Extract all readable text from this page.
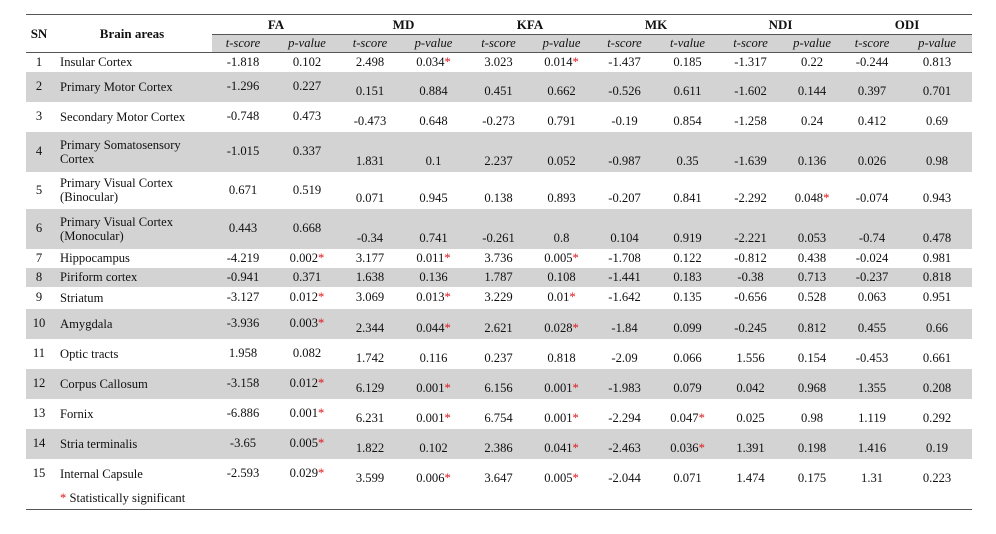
SN	Brain areas	FA		MD		KFA		MK		NDI		ODI	
		t-score	p-value	t-score	p-value	t-score	p-value	t-score	t-value	t-score	p-value	t-score	p-value
1	Insular Cortex	-1.818	0.102	2.498	0.034*	3.023	0.014*	-1.437	0.185	-1.317	0.22	-0.244	0.813
2	Primary Motor Cortex	-1.296	0.227	0.151	0.884	0.451	0.662	-0.526	0.611	-1.602	0.144	0.397	0.701
3	Secondary Motor Cortex	-0.748	0.473	-0.473	0.648	-0.273	0.791	-0.19	0.854	-1.258	0.24	0.412	0.69
4	Primary Somatosensory Cortex	-1.015	0.337	1.831	0.1	2.237	0.052	-0.987	0.35	-1.639	0.136	0.026	0.98
5	Primary Visual Cortex (Binocular)	0.671	0.519	0.071	0.945	0.138	0.893	-0.207	0.841	-2.292	0.048*	-0.074	0.943
6	Primary Visual Cortex (Monocular)	0.443	0.668	-0.34	0.741	-0.261	0.8	0.104	0.919	-2.221	0.053	-0.74	0.478
7	Hippocampus	-4.219	0.002*	3.177	0.011*	3.736	0.005*	-1.708	0.122	-0.812	0.438	-0.024	0.981
8	Piriform cortex	-0.941	0.371	1.638	0.136	1.787	0.108	-1.441	0.183	-0.38	0.713	-0.237	0.818
9	Striatum	-3.127	0.012*	3.069	0.013*	3.229	0.01*	-1.642	0.135	-0.656	0.528	0.063	0.951
10	Amygdala	-3.936	0.003*	2.344	0.044*	2.621	0.028*	-1.84	0.099	-0.245	0.812	0.455	0.66
11	Optic tracts	1.958	0.082	1.742	0.116	0.237	0.818	-2.09	0.066	1.556	0.154	-0.453	0.661
12	Corpus Callosum	-3.158	0.012*	6.129	0.001*	6.156	0.001*	-1.983	0.079	0.042	0.968	1.355	0.208
13	Fornix	-6.886	0.001*	6.231	0.001*	6.754	0.001*	-2.294	0.047*	0.025	0.98	1.119	0.292
14	Stria terminalis	-3.65	0.005*	1.822	0.102	2.386	0.041*	-2.463	0.036*	1.391	0.198	1.416	0.19
15	Internal Capsule	-2.593	0.029*	3.599	0.006*	3.647	0.005*	-2.044	0.071	1.474	0.175	1.31	0.223
	* Statistically significant												
